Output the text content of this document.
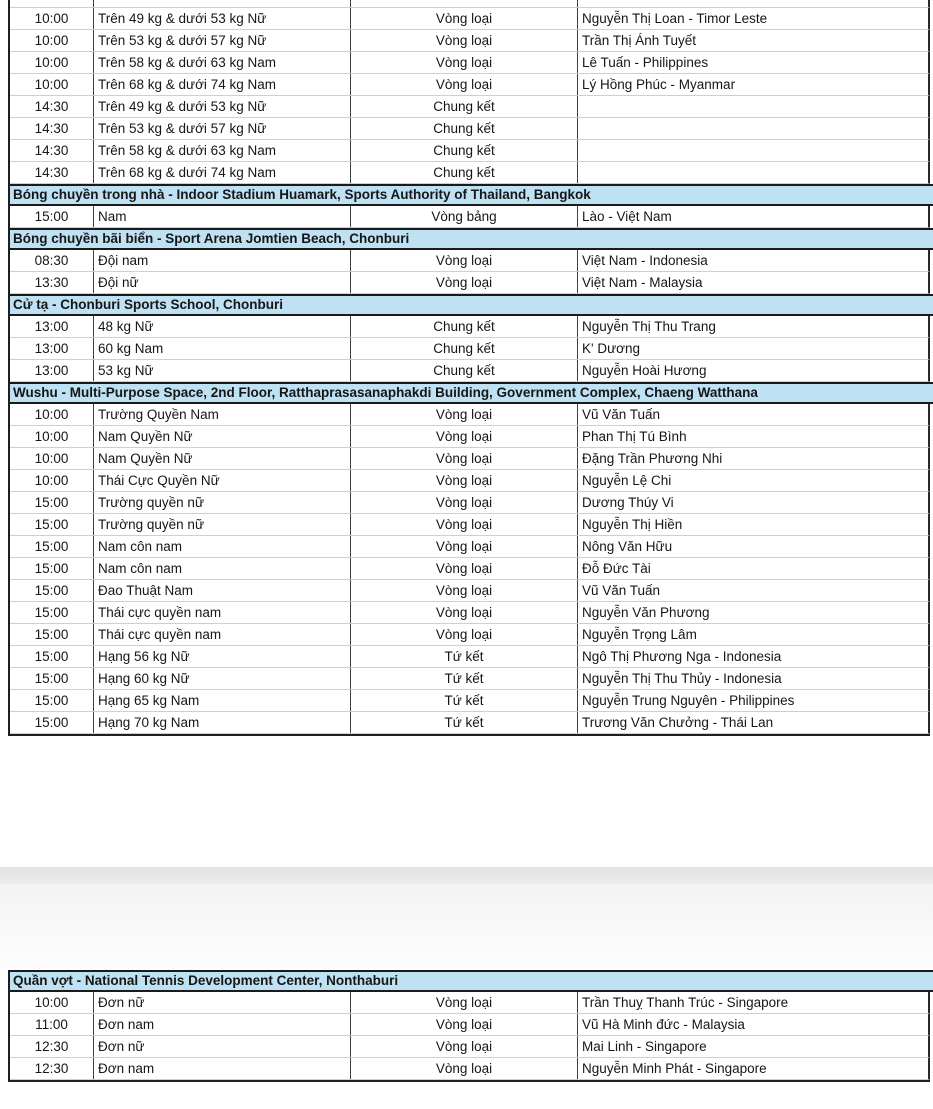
10:00	Trên 49 kg & dưới 53 kg Nữ	Vòng loại	Nguyễn Thị Loan - Timor Leste
10:00	Trên 53 kg & dưới 57 kg Nữ	Vòng loại	Trần Thị Ánh Tuyết
10:00	Trên 58 kg & dưới 63 kg Nam	Vòng loại	Lê Tuấn - Philippines
10:00	Trên 68 kg & dưới 74 kg Nam	Vòng loại	Lý Hồng Phúc - Myanmar
14:30	Trên 49 kg & dưới 53 kg Nữ	Chung kết
14:30	Trên 53 kg & dưới 57 kg Nữ	Chung kết
14:30	Trên 58 kg & dưới 63 kg Nam	Chung kết
14:30	Trên 68 kg & dưới 74 kg Nam	Chung kết
Bóng chuyền trong nhà - Indoor Stadium Huamark, Sports Authority of Thailand, Bangkok
15:00	Nam	Vòng bảng	Lào - Việt Nam
Bóng chuyền bãi biển - Sport Arena Jomtien Beach, Chonburi
08:30	Đội nam	Vòng loại	Việt Nam - Indonesia
13:30	Đội nữ	Vòng loại	Việt Nam - Malaysia
Cử tạ - Chonburi Sports School, Chonburi
13:00	48 kg Nữ	Chung kết	Nguyễn Thị Thu Trang
13:00	60 kg Nam	Chung kết	K' Dương
13:00	53 kg Nữ	Chung kết	Nguyễn Hoài Hương
Wushu - Multi-Purpose Space, 2nd Floor, Ratthaprasasanaphakdi Building, Government Complex, Chaeng Watthana
10:00	Trường Quyền Nam	Vòng loại	Vũ Văn Tuấn
10:00	Nam Quyền Nữ	Vòng loại	Phan Thị Tú Bình
10:00	Nam Quyền Nữ	Vòng loại	Đặng Trần Phương Nhi
10:00	Thái Cực Quyền Nữ	Vòng loại	Nguyễn Lệ Chi
15:00	Trường quyền nữ	Vòng loại	Dương Thúy Vi
15:00	Trường quyền nữ	Vòng loại	Nguyễn Thị Hiền
15:00	Nam côn nam	Vòng loại	Nông Văn Hữu
15:00	Nam côn nam	Vòng loại	Đỗ Đức Tài
15:00	Đao Thuật Nam	Vòng loại	Vũ Văn Tuấn
15:00	Thái cực quyền nam	Vòng loại	Nguyễn Văn Phương
15:00	Thái cực quyền nam	Vòng loại	Nguyễn Trọng Lâm
15:00	Hạng 56 kg Nữ	Tứ kết	Ngô Thị Phương Nga - Indonesia
15:00	Hạng 60 kg Nữ	Tứ kết	Nguyễn Thị Thu Thủy - Indonesia
15:00	Hạng 65 kg Nam	Tứ kết	Nguyễn Trung Nguyên - Philippines
15:00	Hạng 70 kg Nam	Tứ kết	Trương Văn Chưởng - Thái Lan
Quần vợt - National Tennis Development Center, Nonthaburi
10:00	Đơn nữ	Vòng loại	Trần Thuỵ Thanh Trúc - Singapore
11:00	Đơn nam	Vòng loại	Vũ Hà Minh đức - Malaysia
12:30	Đơn nữ	Vòng loại	Mai Linh - Singapore
12:30	Đơn nam	Vòng loại	Nguyễn Minh Phát - Singapore
